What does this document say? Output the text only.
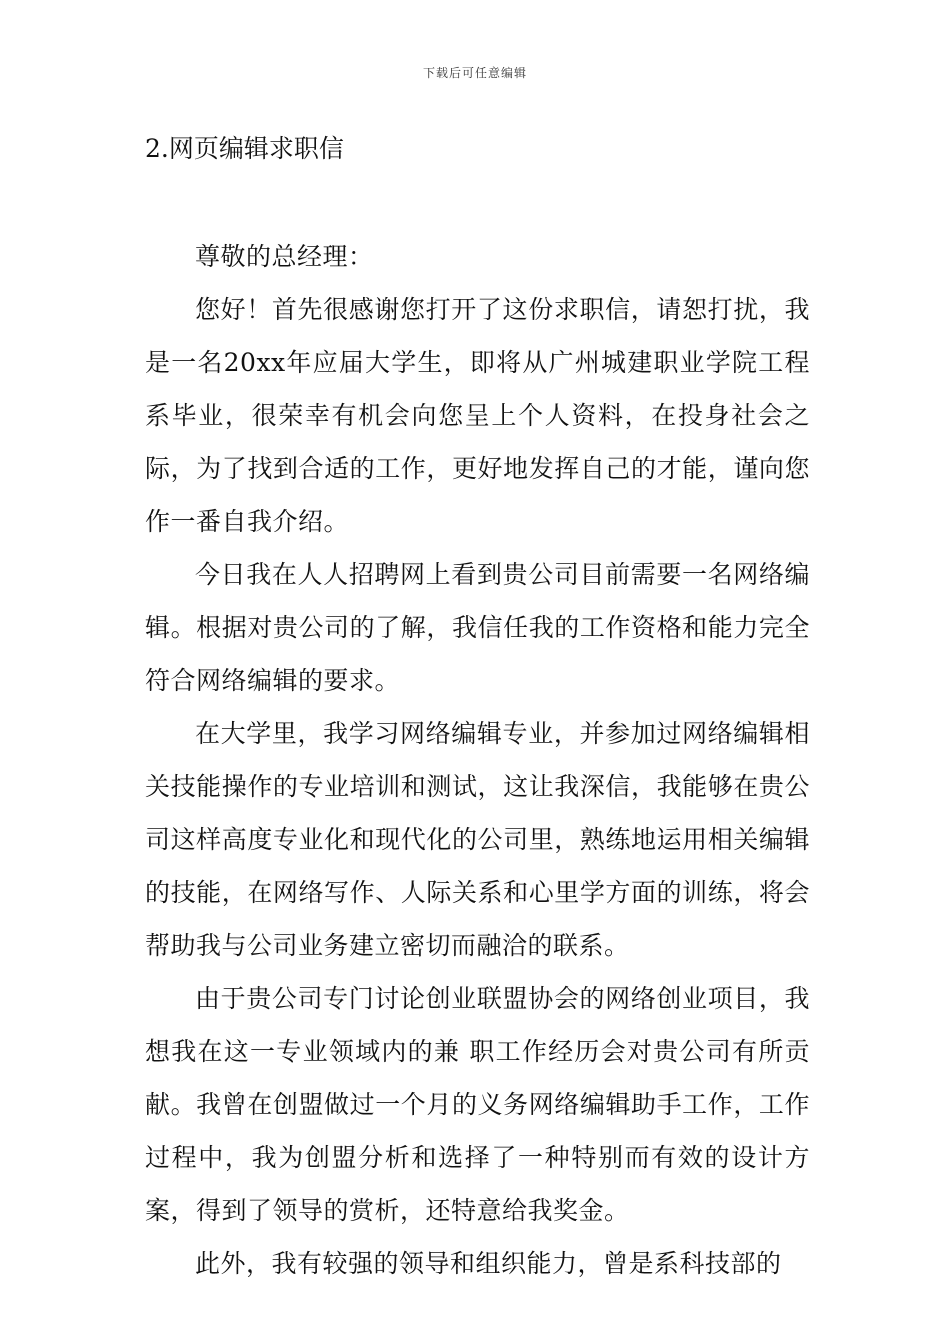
下载后可任意编辑
2.网页编辑求职信

尊敬的总经理：

您好！首先很感谢您打开了这份求职信，请恕打扰，我是一名20xx年应届大学生，即将从广州城建职业学院工程系毕业，很荣幸有机会向您呈上个人资料，在投身社会之际，为了找到合适的工作，更好地发挥自己的才能，谨向您作一番自我介绍。

今日我在人人招聘网上看到贵公司目前需要一名网络编辑。根据对贵公司的了解，我信任我的工作资格和能力完全符合网络编辑的要求。

在大学里，我学习网络编辑专业，并参加过网络编辑相关技能操作的专业培训和测试，这让我深信，我能够在贵公司这样高度专业化和现代化的公司里，熟练地运用相关编辑的技能，在网络写作、人际关系和心里学方面的训练，将会帮助我与公司业务建立密切而融洽的联系。

由于贵公司专门讨论创业联盟协会的网络创业项目，我想我在这一专业领域内的兼 职工作经历会对贵公司有所贡献。我曾在创盟做过一个月的义务网络编辑助手工作，工作过程中，我为创盟分析和选择了一种特别而有效的设计方案，得到了领导的赏析，还特意给我奖金。

此外，我有较强的领导和组织能力，曾是系科技部的
